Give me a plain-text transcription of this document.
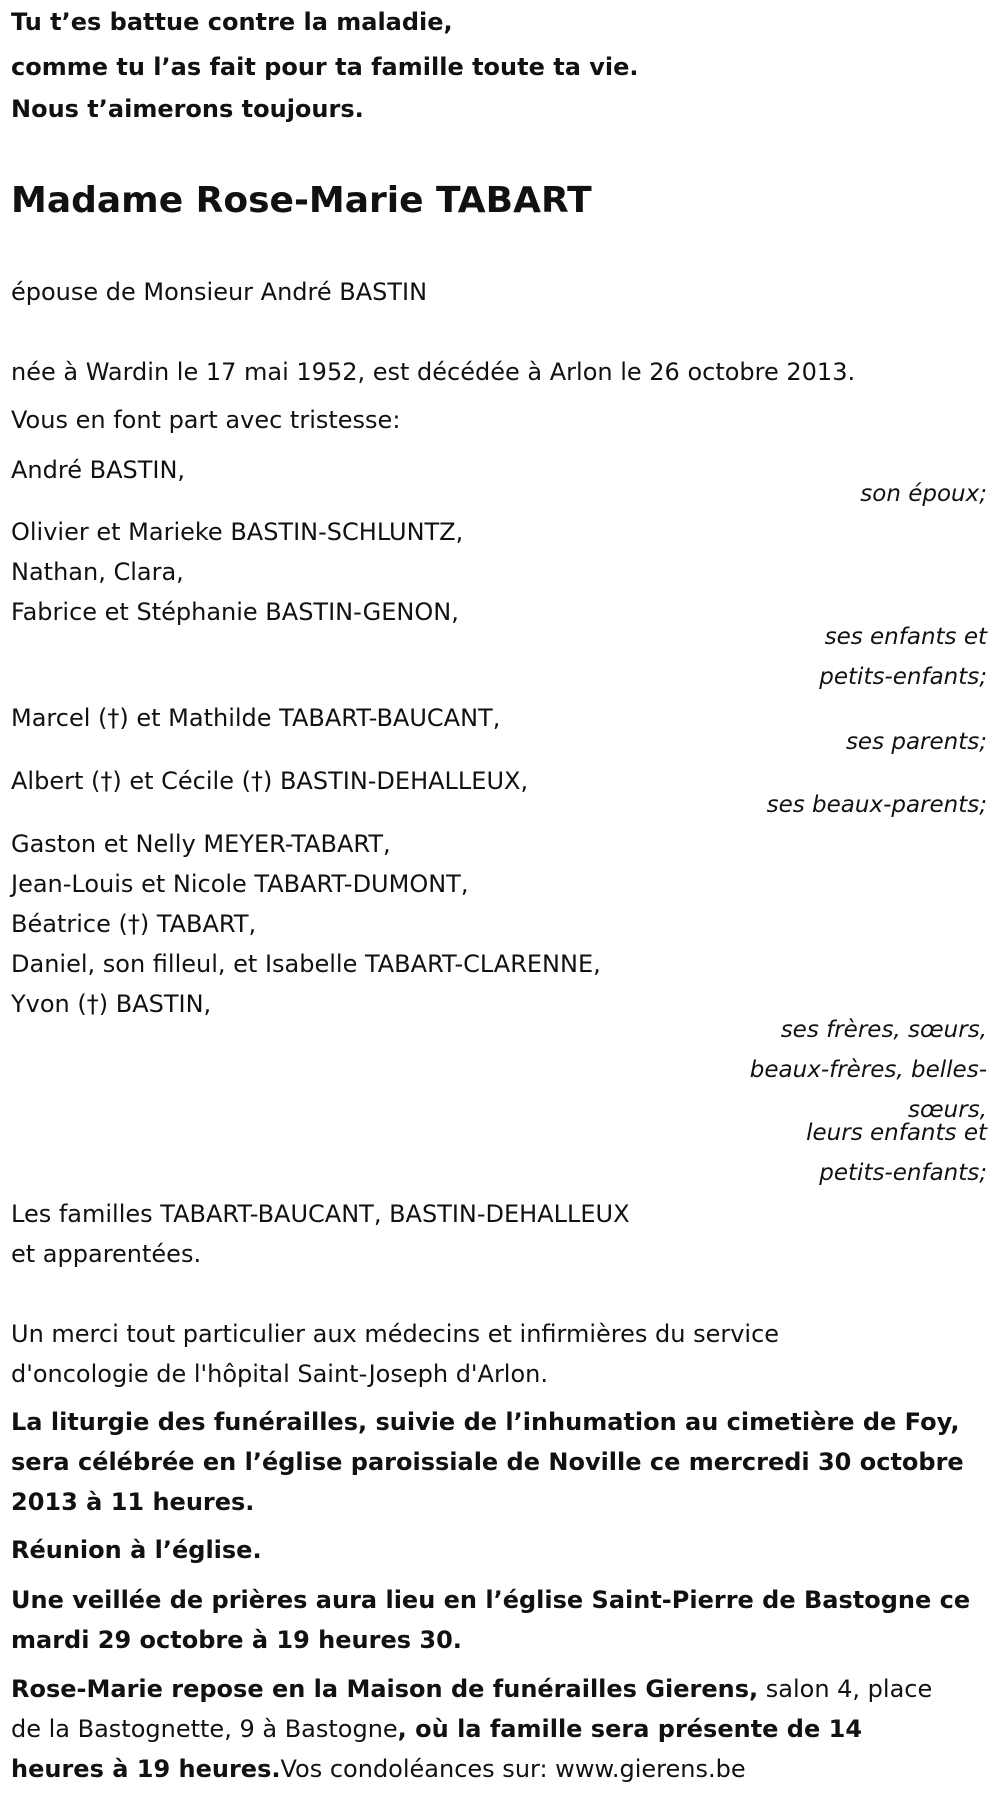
Tu t’es battue contre la maladie,
comme tu l’as fait pour ta famille toute ta vie.
Nous t’aimerons toujours.
Madame Rose-Marie TABART
épouse de Monsieur André BASTIN
née à Wardin le 17 mai 1952, est décédée à Arlon le 26 octobre 2013.
Vous en font part avec tristesse:
André BASTIN,
son époux;
Olivier et Marieke BASTIN-SCHLUNTZ,
Nathan, Clara,
Fabrice et Stéphanie BASTIN-GENON,
ses enfants et
petits-enfants;
Marcel (†) et Mathilde TABART-BAUCANT,
ses parents;
Albert (†) et Cécile (†) BASTIN-DEHALLEUX,
ses beaux-parents;
Gaston et Nelly MEYER-TABART,
Jean-Louis et Nicole TABART-DUMONT,
Béatrice (†) TABART,
Daniel, son filleul, et Isabelle TABART-CLARENNE,
Yvon (†) BASTIN,
ses frères, sœurs,
beaux-frères, belles-
sœurs,
leurs enfants et
petits-enfants;
Les familles TABART-BAUCANT, BASTIN-DEHALLEUX
et apparentées.
Un merci tout particulier aux médecins et infirmières du service
d'oncologie de l'hôpital Saint-Joseph d'Arlon.
La liturgie des funérailles, suivie de l’inhumation au cimetière de Foy,
sera célébrée en l’église paroissiale de Noville ce mercredi 30 octobre
2013 à 11 heures.
Réunion à l’église.
Une veillée de prières aura lieu en l’église Saint-Pierre de Bastogne ce
mardi 29 octobre à 19 heures 30.
Rose-Marie repose en la Maison de funérailles Gierens, salon 4, place
de la Bastognette, 9 à Bastogne, où la famille sera présente de 14
heures à 19 heures.Vos condoléances sur: www.gierens.be
